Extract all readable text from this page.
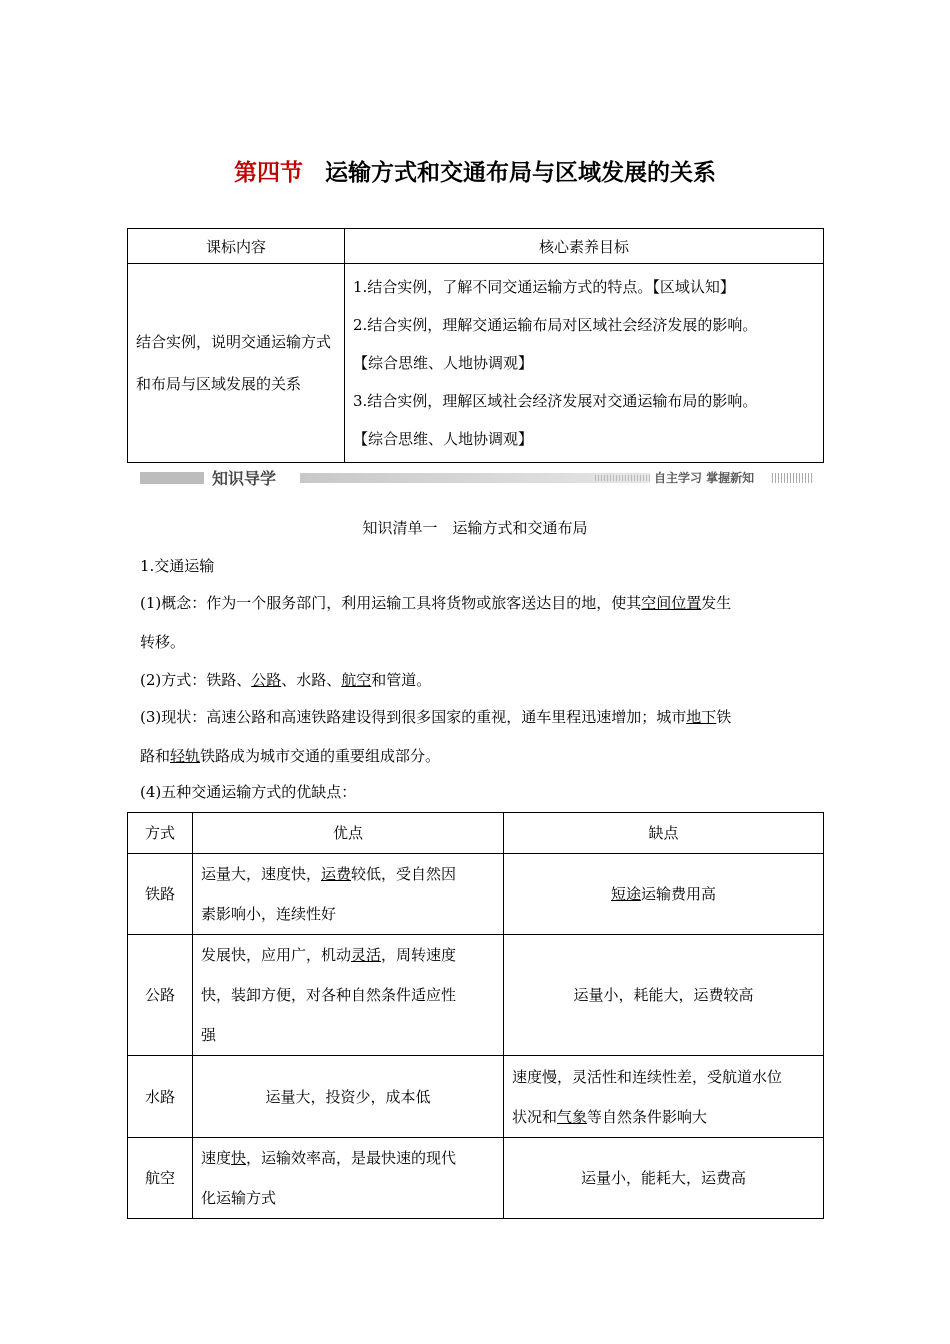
第四节 运输方式和交通布局与区域发展的关系
课标内容	核心素养目标
结合实例，说明交通运输方式和布局与区域发展的关系	1.结合实例，了解不同交通运输方式的特点。【区域认知】
2.结合实例，理解交通运输布局对区域社会经济发展的影响。
【综合思维、人地协调观】
3.结合实例，理解区域社会经济发展对交通运输布局的影响。
【综合思维、人地协调观】
知识导学	自主学习 掌握新知
知识清单一　运输方式和交通布局
1.交通运输
(1)概念：作为一个服务部门，利用运输工具将货物或旅客送达目的地，使其空间位置发生
转移。
(2)方式：铁路、公路、水路、航空和管道。
(3)现状：高速公路和高速铁路建设得到很多国家的重视，通车里程迅速增加；城市地下铁
路和轻轨铁路成为城市交通的重要组成部分。
(4)五种交通运输方式的优缺点：
方式	优点	缺点
铁路	运量大，速度快，运费较低，受自然因
素影响小，连续性好	短途运输费用高
公路	发展快，应用广，机动灵活，周转速度
快，装卸方便，对各种自然条件适应性
强	运量小，耗能大，运费较高
水路	运量大，投资少，成本低	速度慢，灵活性和连续性差，受航道水位
状况和气象等自然条件影响大

航空	速度快，运输效率高，是最快速的现代
化运输方式	运量小，能耗大，运费高
